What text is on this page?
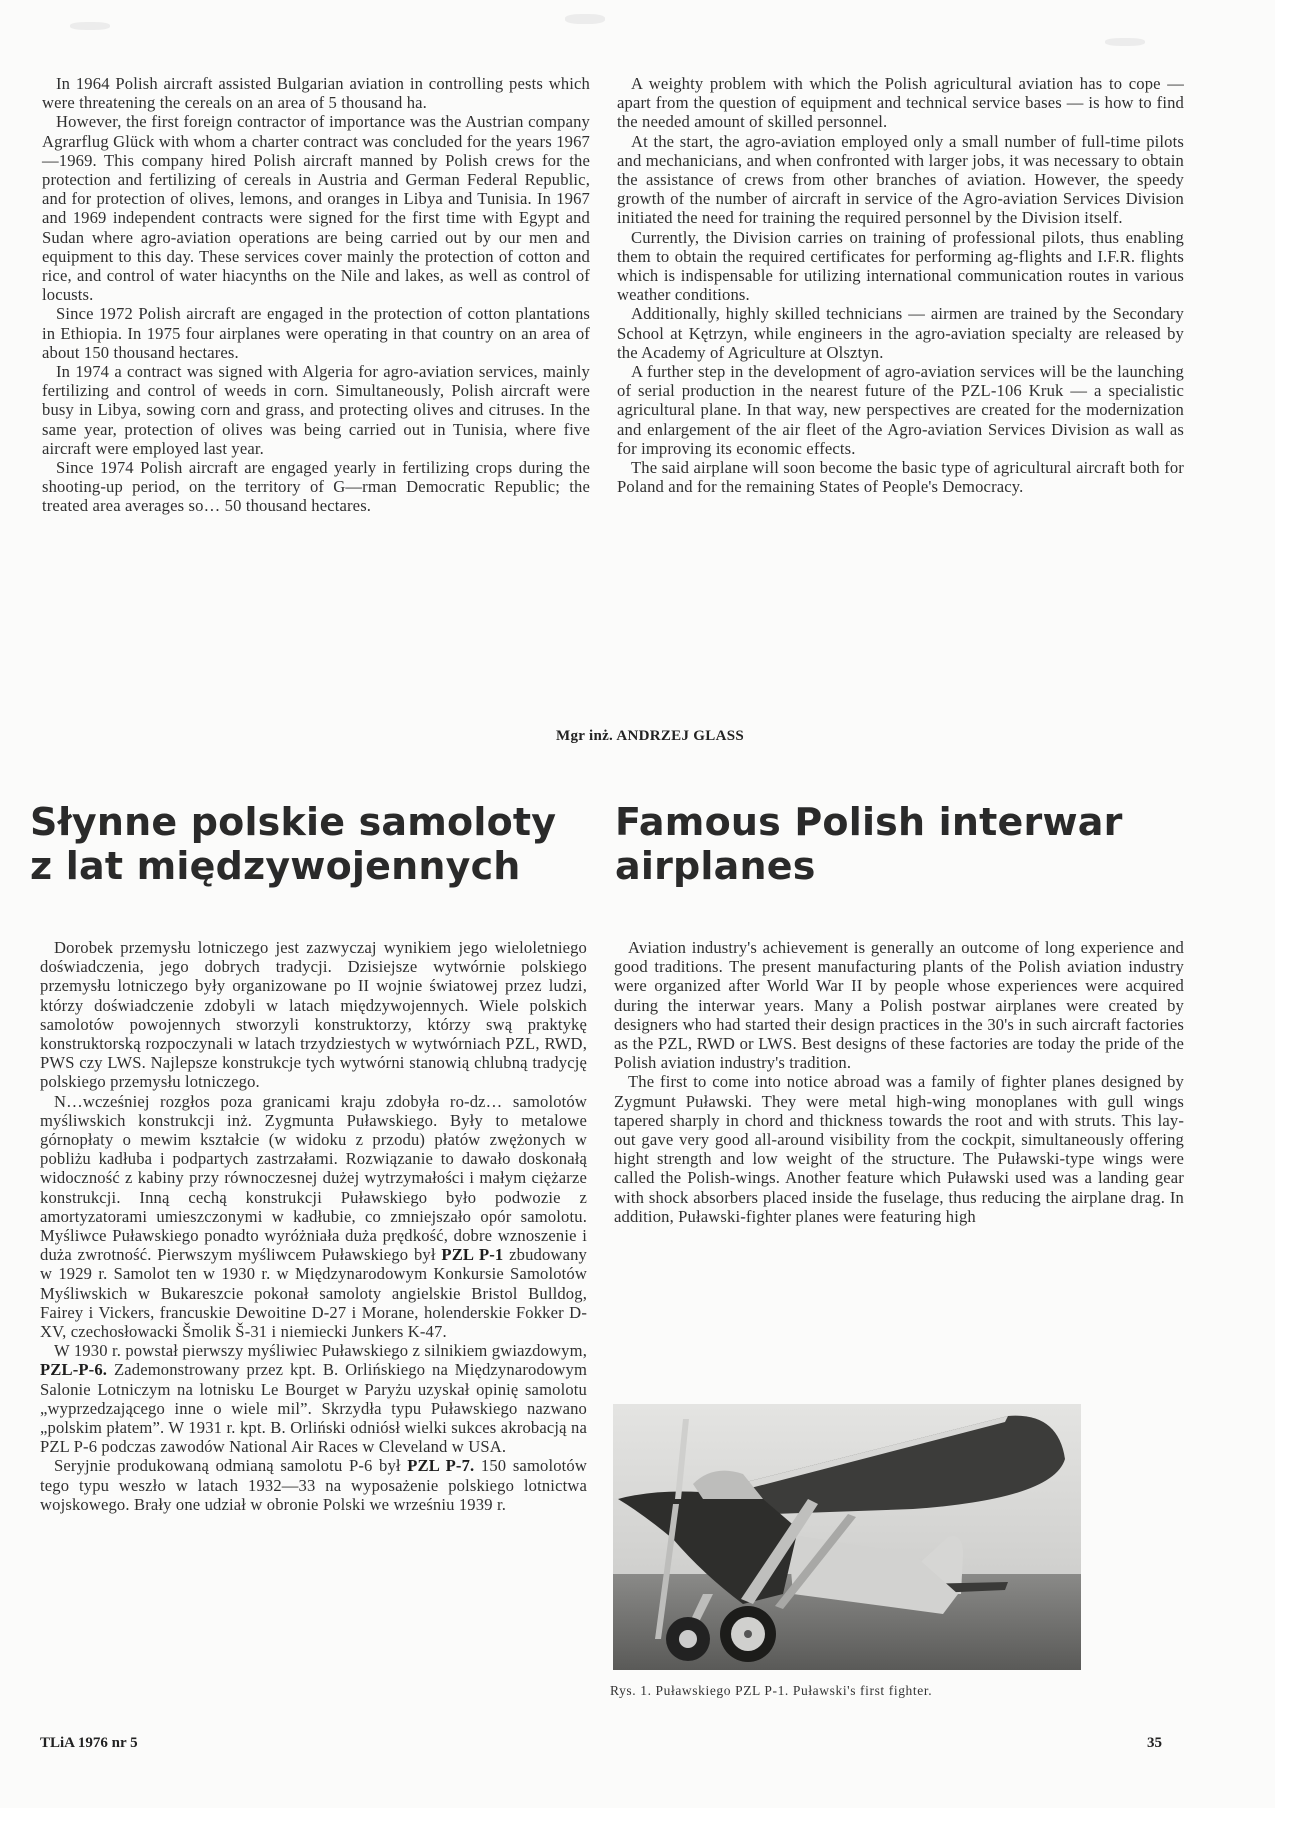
In 1964 Polish aircraft assisted Bulgarian aviation in controlling pests which were threatening the cereals on an area of 5 thousand ha.

However, the first foreign contractor of importance was the Austrian company Agrarflug Glück with whom a charter contract was concluded for the years 1967—1969. This company hired Polish aircraft manned by Polish crews for the protection and fertilizing of cereals in Austria and German Federal Republic, and for protection of olives, lemons, and oranges in Libya and Tunisia. In 1967 and 1969 independent contracts were signed for the first time with Egypt and Sudan where agro-aviation operations are being carried out by our men and equipment to this day. These services cover mainly the protection of cotton and rice, and control of water hiacynths on the Nile and lakes, as well as control of locusts.

Since 1972 Polish aircraft are engaged in the protection of cotton plantations in Ethiopia. In 1975 four airplanes were operating in that country on an area of about 150 thousand hectares.

In 1974 a contract was signed with Algeria for agro-aviation services, mainly fertilizing and control of weeds in corn. Simultaneously, Polish aircraft were busy in Libya, sowing corn and grass, and protecting olives and citruses. In the same year, protection of olives was being carried out in Tunisia, where five aircraft were employed last year.

Since 1974 Polish aircraft are engaged yearly in fertilizing crops during the shooting-up period, on the territory of G—rman Democratic Republic; the treated area averages so… 50 thousand hectares.

A weighty problem with which the Polish agricultural aviation has to cope — apart from the question of equipment and technical service bases — is how to find the needed amount of skilled personnel.

At the start, the agro-aviation employed only a small number of full-time pilots and mechanicians, and when confronted with larger jobs, it was necessary to obtain the assistance of crews from other branches of aviation. However, the speedy growth of the number of aircraft in service of the Agro-aviation Services Division initiated the need for training the required personnel by the Division itself.

Currently, the Division carries on training of professional pilots, thus enabling them to obtain the required certificates for performing ag-flights and I.F.R. flights which is indispensable for utilizing international communication routes in various weather conditions.

Additionally, highly skilled technicians — airmen are trained by the Secondary School at Kętrzyn, while engineers in the agro-aviation specialty are released by the Academy of Agriculture at Olsztyn.

A further step in the development of agro-aviation services will be the launching of serial production in the nearest future of the PZL-106 Kruk — a specialistic agricultural plane. In that way, new perspectives are created for the modernization and enlargement of the air fleet of the Agro-aviation Services Division as wall as for improving its economic effects.

The said airplane will soon become the basic type of agricultural aircraft both for Poland and for the remaining States of People's Democracy.

Mgr inż. ANDRZEJ GLASS
Słynne polskie samoloty z lat międzywojennych
Famous Polish interwar airplanes

Dorobek przemysłu lotniczego jest zazwyczaj wynikiem jego wieloletniego doświadczenia, jego dobrych tradycji. Dzisiejsze wytwórnie polskiego przemysłu lotniczego były organizowane po II wojnie światowej przez ludzi, którzy doświadczenie zdobyli w latach międzywojennych. Wiele polskich samolotów powojennych stworzyli konstruktorzy, którzy swą praktykę konstruktorską rozpoczynali w latach trzydziestych w wytwórniach PZL, RWD, PWS czy LWS. Najlepsze konstrukcje tych wytwórni stanowią chlubną tradycję polskiego przemysłu lotniczego.

N…wcześniej rozgłos poza granicami kraju zdobyła ro-dz… samolotów myśliwskich konstrukcji inż. Zygmunta Puławskiego. Były to metalowe górnopłaty o mewim kształcie (w widoku z przodu) płatów zwężonych w pobliżu kadłuba i podpartych zastrzałami. Rozwiązanie to dawało doskonałą widoczność z kabiny przy równoczesnej dużej wytrzymałości i małym ciężarze konstrukcji. Inną cechą konstrukcji Puławskiego było podwozie z amortyzatorami umieszczonymi w kadłubie, co zmniejszało opór samolotu. Myśliwce Puławskiego ponadto wyróżniała duża prędkość, dobre wznoszenie i duża zwrotność. Pierwszym myśliwcem Puławskiego był PZL P-1 zbudowany w 1929 r. Samolot ten w 1930 r. w Międzynarodowym Konkursie Samolotów Myśliwskich w Bukareszcie pokonał samoloty angielskie Bristol Bulldog, Fairey i Vickers, francuskie Dewoitine D-27 i Morane, holenderskie Fokker D-XV, czechosłowacki Šmolik Š-31 i niemiecki Junkers K-47.

W 1930 r. powstał pierwszy myśliwiec Puławskiego z silnikiem gwiazdowym, PZL-P-6. Zademonstrowany przez kpt. B. Orlińskiego na Międzynarodowym Salonie Lotniczym na lotnisku Le Bourget w Paryżu uzyskał opinię samolotu „wyprzedzającego inne o wiele mil”. Skrzydła typu Puławskiego nazwano „polskim płatem”. W 1931 r. kpt. B. Orliński odniósł wielki sukces akrobacją na PZL P-6 podczas zawodów National Air Races w Cleveland w USA.

Seryjnie produkowaną odmianą samolotu P-6 był PZL P-7. 150 samolotów tego typu weszło w latach 1932—33 na wyposażenie polskiego lotnictwa wojskowego. Brały one udział w obronie Polski we wrześniu 1939 r.

Aviation industry's achievement is generally an outcome of long experience and good traditions. The present manufacturing plants of the Polish aviation industry were organized after World War II by people whose experiences were acquired during the interwar years. Many a Polish postwar airplanes were created by designers who had started their design practices in the 30's in such aircraft factories as the PZL, RWD or LWS. Best designs of these factories are today the pride of the Polish aviation industry's tradition.

The first to come into notice abroad was a family of fighter planes designed by Zygmunt Puławski. They were metal high-wing monoplanes with gull wings tapered sharply in chord and thickness towards the root and with struts. This lay-out gave very good all-around visibility from the cockpit, simultaneously offering hight strength and low weight of the structure. The Puławski-type wings were called the Polish-wings. Another feature which Puławski used was a landing gear with shock absorbers placed inside the fuselage, thus reducing the airplane drag. In addition, Puławski-fighter planes were featuring high

Rys. 1. Puławskiego PZL P-1. Puławski's first fighter.
TLiA 1976 nr 5	35
